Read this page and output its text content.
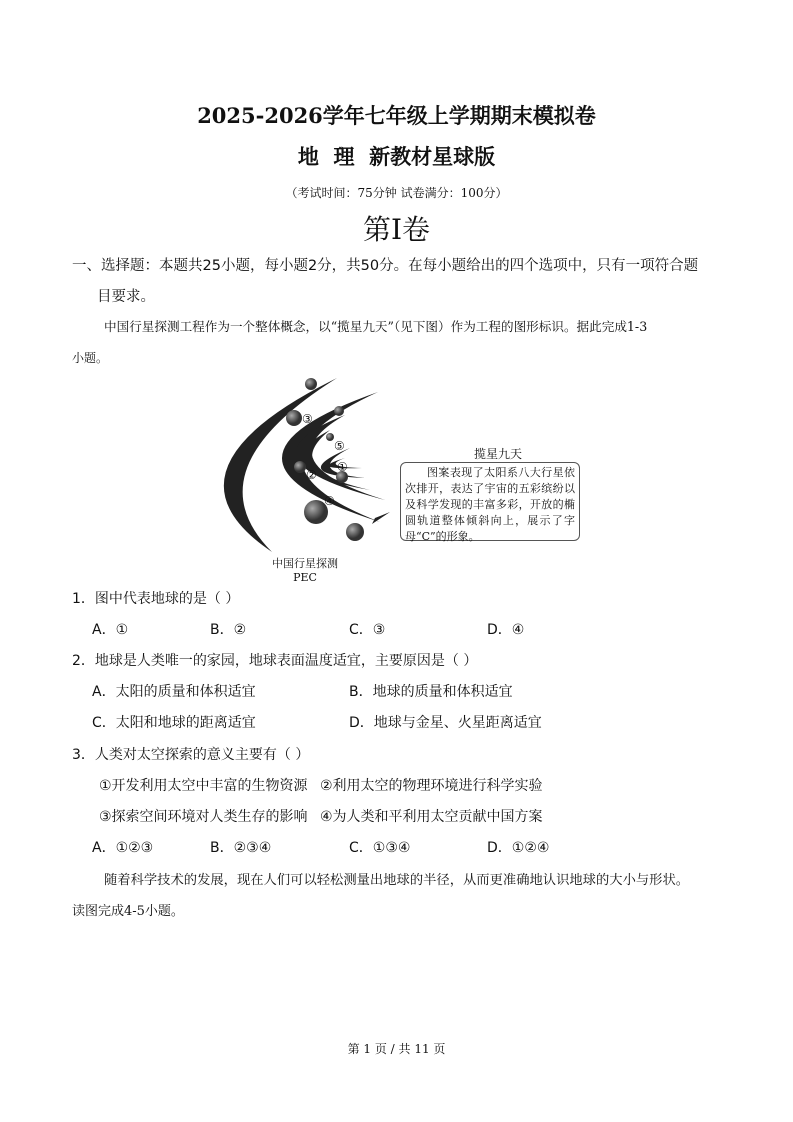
2025-2026学年七年级上学期期末模拟卷
地  理  新教材星球版
（考试时间：75分钟 试卷满分：100分）
第I卷
一、选择题：本题共25小题，每小题2分，共50分。在每小题给出的四个选项中，只有一项符合题
目要求。
中国行星探测工程作为一个整体概念，以“揽星九天”（见下图）作为工程的图形标识。据此完成1-3
小题。
③
⑤
①
②
④
揽星九天
图案表现了太阳系八大行星依次排开，表达了宇宙的五彩缤纷以及科学发现的丰富多彩，开放的椭圆轨道整体倾斜向上，展示了字母“C”的形象。
中国行星探测
PEC
1．图中代表地球的是（ ）
A．①	B．②	C．③	D．④
2．地球是人类唯一的家园，地球表面温度适宜，主要原因是（ ）
A．太阳的质量和体积适宜	B．地球的质量和体积适宜
C．太阳和地球的距离适宜	D．地球与金星、火星距离适宜
3．人类对太空探索的意义主要有（ ）
①开发利用太空中丰富的生物资源 ②利用太空的物理环境进行科学实验
③探索空间环境对人类生存的影响 ④为人类和平利用太空贡献中国方案
A．①②③	B．②③④	C．①③④	D．①②④
随着科学技术的发展，现在人们可以轻松测量出地球的半径，从而更准确地认识地球的大小与形状。
读图完成4-5小题。
第 1 页 / 共 11 页
